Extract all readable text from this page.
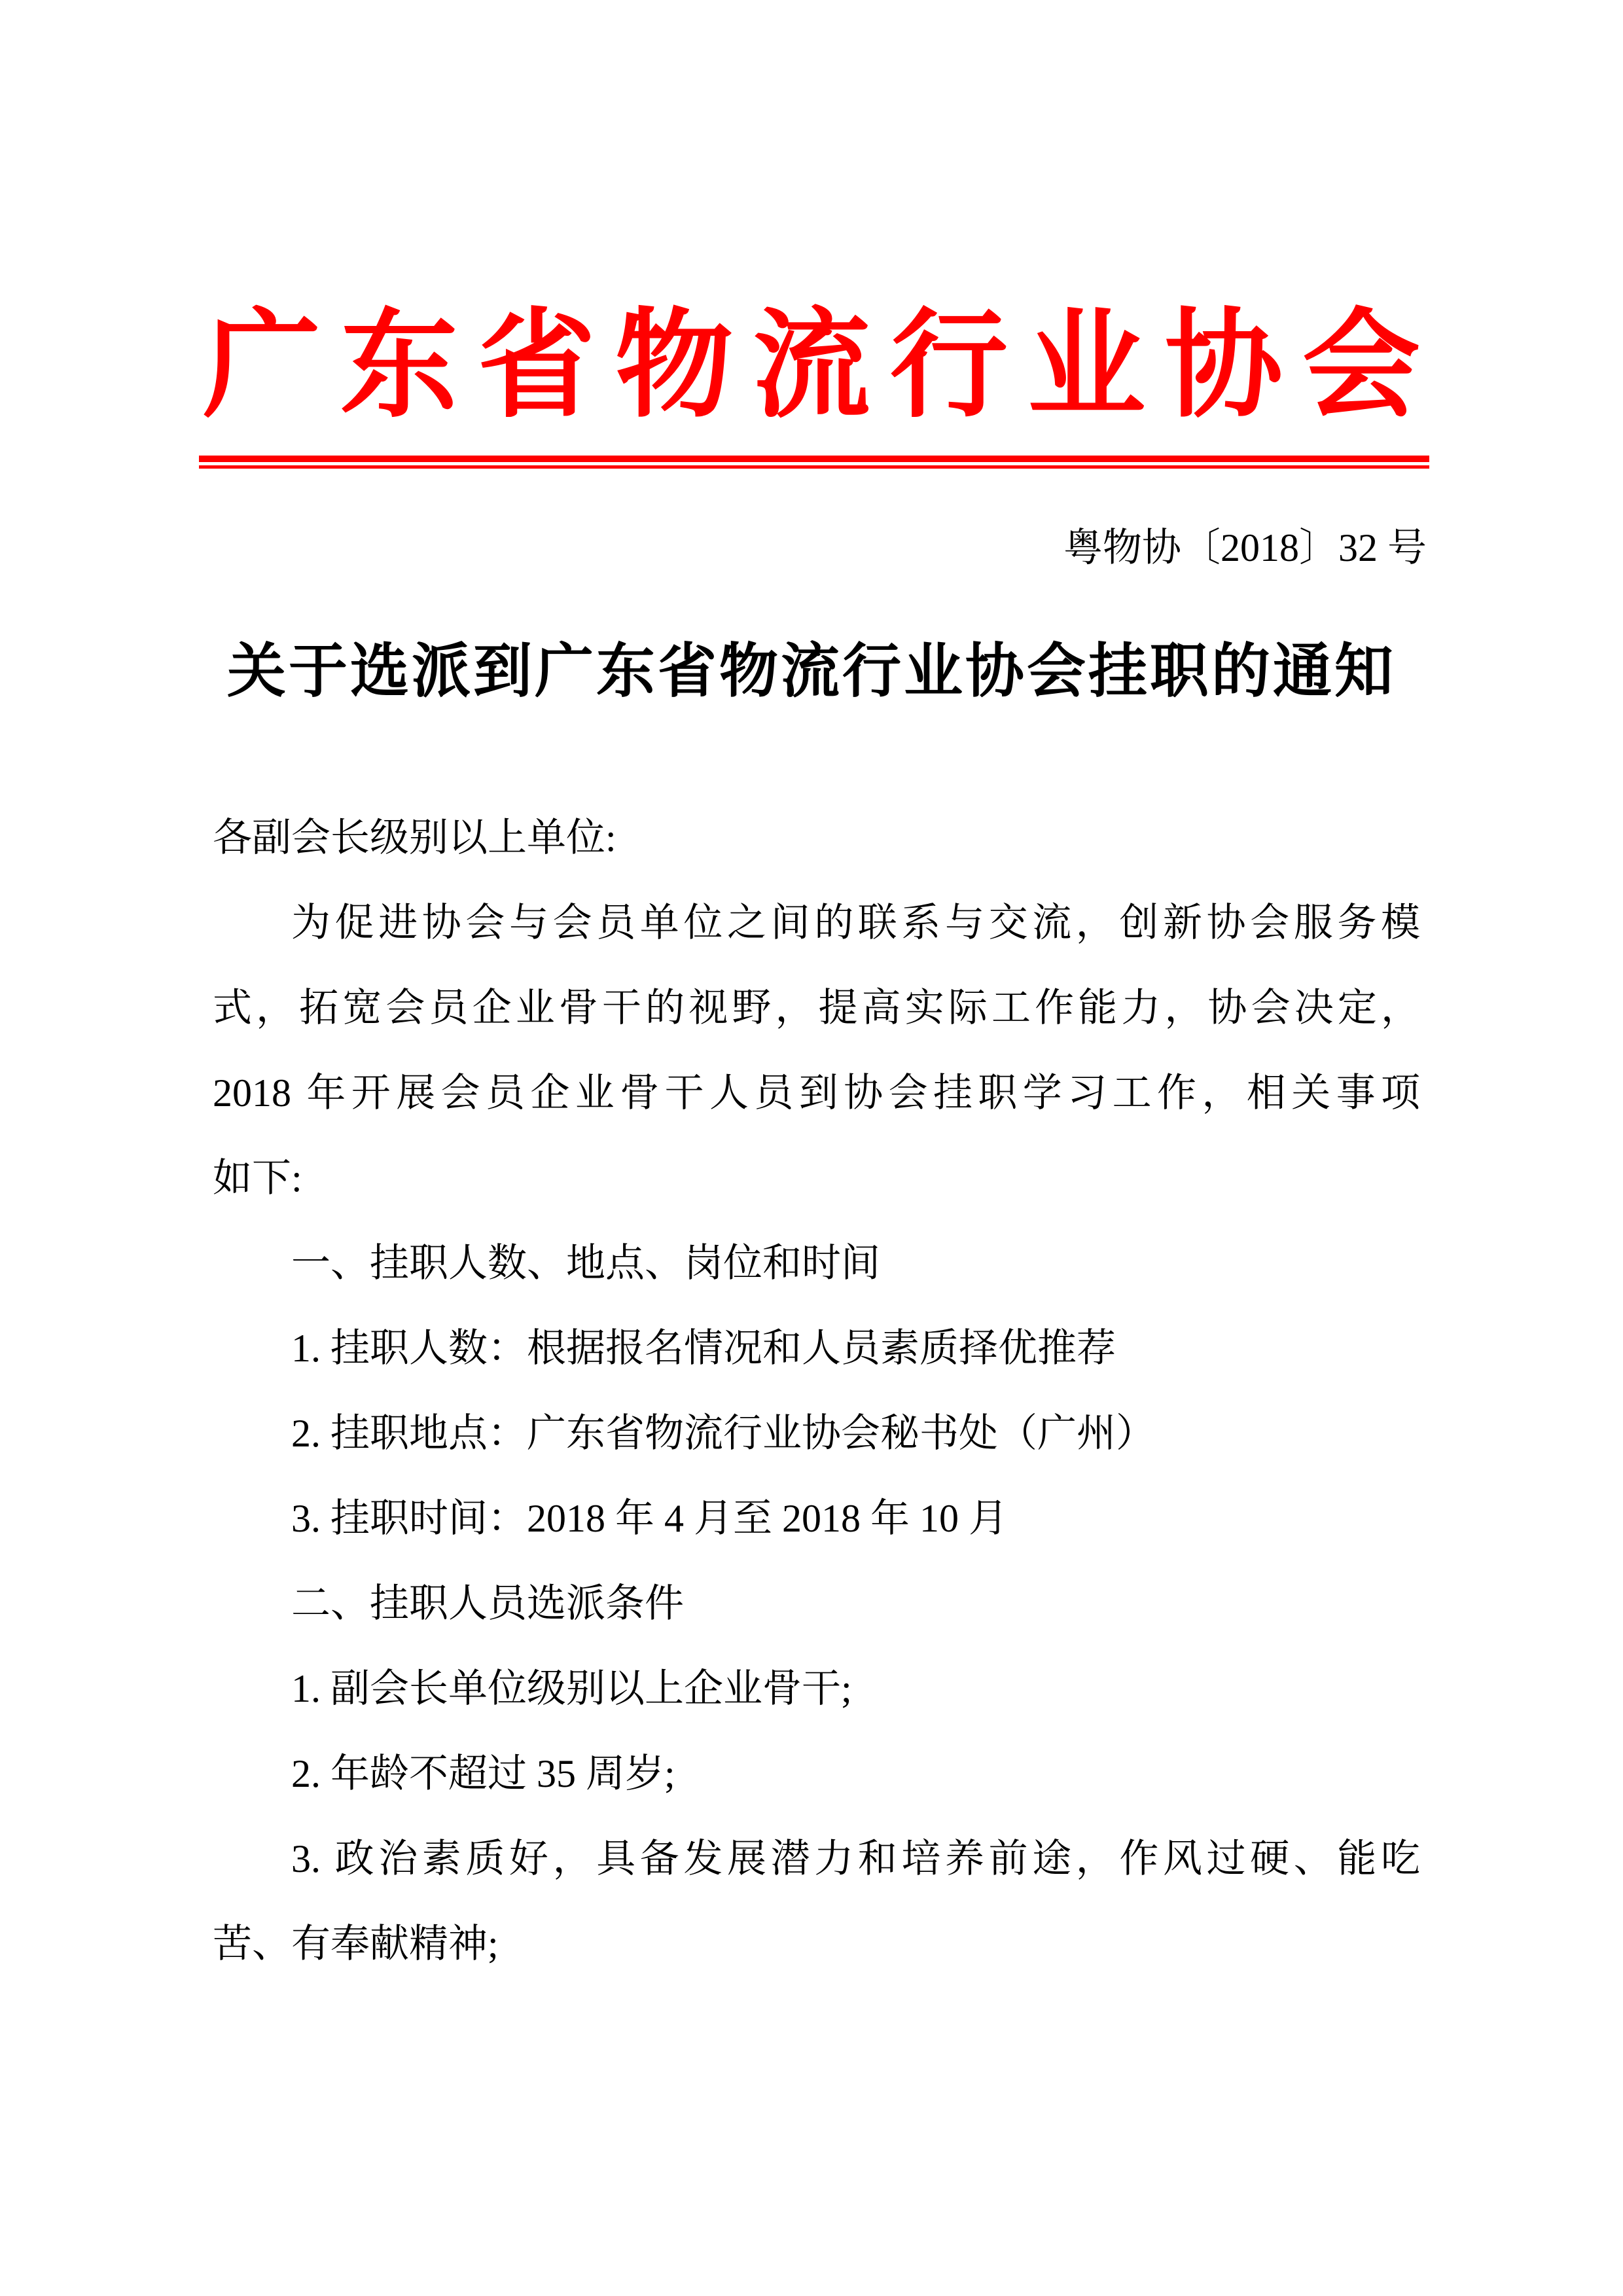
广东省物流行业协会
粤物协〔2018〕32 号
关于选派到广东省物流行业协会挂职的通知
各副会长级别以上单位:
为促进协会与会员单位之间的联系与交流，创新协会服务模
式，拓宽会员企业骨干的视野，提高实际工作能力，协会决定，
2018 年开展会员企业骨干人员到协会挂职学习工作，相关事项
如下:
一、挂职人数、地点、岗位和时间
1. 挂职人数：根据报名情况和人员素质择优推荐
2. 挂职地点：广东省物流行业协会秘书处（广州）
3. 挂职时间：2018 年 4 月至 2018 年 10 月
二、挂职人员选派条件
1. 副会长单位级别以上企业骨干;
2. 年龄不超过 35 周岁;
3. 政治素质好，具备发展潜力和培养前途，作风过硬、能吃
苦、有奉献精神;
